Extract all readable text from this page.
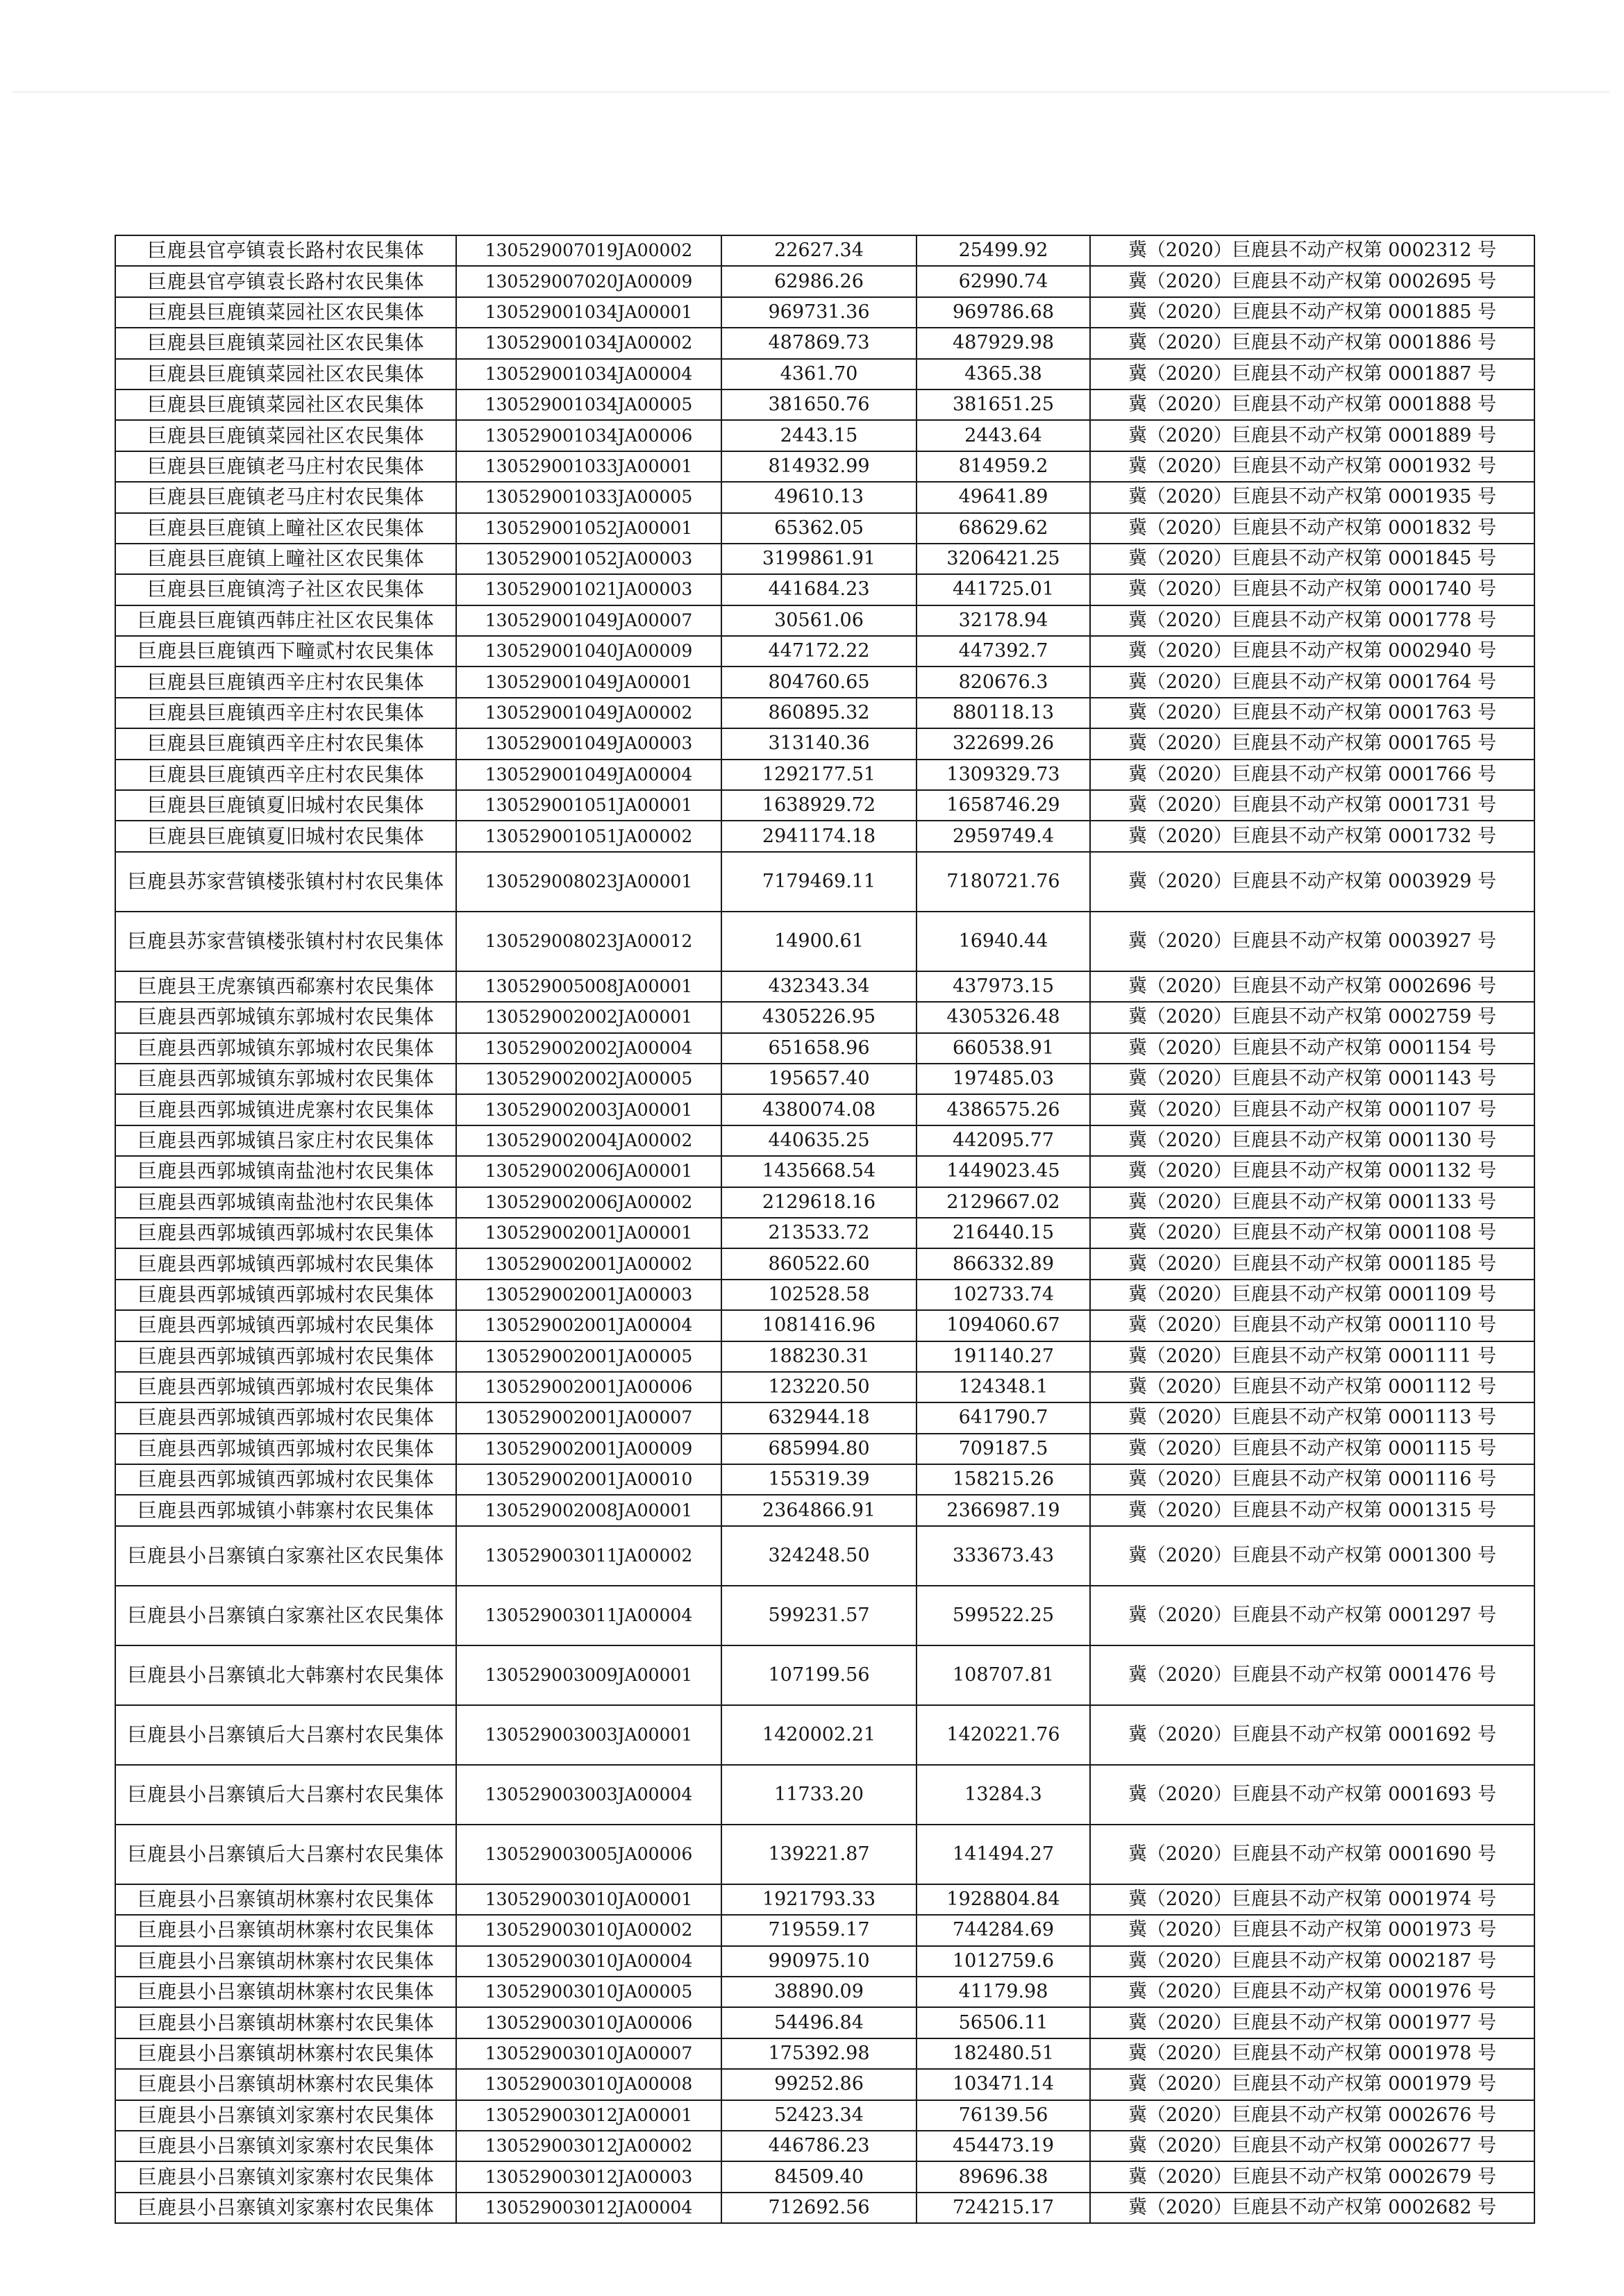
巨鹿县官亭镇袁长路村农民集体	130529007019JA00002	22627.34	25499.92	冀（2020）巨鹿县不动产权第 0002312 号
巨鹿县官亭镇袁长路村农民集体	130529007020JA00009	62986.26	62990.74	冀（2020）巨鹿县不动产权第 0002695 号
巨鹿县巨鹿镇菜园社区农民集体	130529001034JA00001	969731.36	969786.68	冀（2020）巨鹿县不动产权第 0001885 号
巨鹿县巨鹿镇菜园社区农民集体	130529001034JA00002	487869.73	487929.98	冀（2020）巨鹿县不动产权第 0001886 号
巨鹿县巨鹿镇菜园社区农民集体	130529001034JA00004	4361.70	4365.38	冀（2020）巨鹿县不动产权第 0001887 号
巨鹿县巨鹿镇菜园社区农民集体	130529001034JA00005	381650.76	381651.25	冀（2020）巨鹿县不动产权第 0001888 号
巨鹿县巨鹿镇菜园社区农民集体	130529001034JA00006	2443.15	2443.64	冀（2020）巨鹿县不动产权第 0001889 号
巨鹿县巨鹿镇老马庄村农民集体	130529001033JA00001	814932.99	814959.2	冀（2020）巨鹿县不动产权第 0001932 号
巨鹿县巨鹿镇老马庄村农民集体	130529001033JA00005	49610.13	49641.89	冀（2020）巨鹿县不动产权第 0001935 号
巨鹿县巨鹿镇上疃社区农民集体	130529001052JA00001	65362.05	68629.62	冀（2020）巨鹿县不动产权第 0001832 号
巨鹿县巨鹿镇上疃社区农民集体	130529001052JA00003	3199861.91	3206421.25	冀（2020）巨鹿县不动产权第 0001845 号
巨鹿县巨鹿镇湾子社区农民集体	130529001021JA00003	441684.23	441725.01	冀（2020）巨鹿县不动产权第 0001740 号
巨鹿县巨鹿镇西韩庄社区农民集体	130529001049JA00007	30561.06	32178.94	冀（2020）巨鹿县不动产权第 0001778 号
巨鹿县巨鹿镇西下疃贰村农民集体	130529001040JA00009	447172.22	447392.7	冀（2020）巨鹿县不动产权第 0002940 号
巨鹿县巨鹿镇西辛庄村农民集体	130529001049JA00001	804760.65	820676.3	冀（2020）巨鹿县不动产权第 0001764 号
巨鹿县巨鹿镇西辛庄村农民集体	130529001049JA00002	860895.32	880118.13	冀（2020）巨鹿县不动产权第 0001763 号
巨鹿县巨鹿镇西辛庄村农民集体	130529001049JA00003	313140.36	322699.26	冀（2020）巨鹿县不动产权第 0001765 号
巨鹿县巨鹿镇西辛庄村农民集体	130529001049JA00004	1292177.51	1309329.73	冀（2020）巨鹿县不动产权第 0001766 号
巨鹿县巨鹿镇夏旧城村农民集体	130529001051JA00001	1638929.72	1658746.29	冀（2020）巨鹿县不动产权第 0001731 号
巨鹿县巨鹿镇夏旧城村农民集体	130529001051JA00002	2941174.18	2959749.4	冀（2020）巨鹿县不动产权第 0001732 号
巨鹿县苏家营镇楼张镇村村农民集体	130529008023JA00001	7179469.11	7180721.76	冀（2020）巨鹿县不动产权第 0003929 号
巨鹿县苏家营镇楼张镇村村农民集体	130529008023JA00012	14900.61	16940.44	冀（2020）巨鹿县不动产权第 0003927 号
巨鹿县王虎寨镇西郗寨村农民集体	130529005008JA00001	432343.34	437973.15	冀（2020）巨鹿县不动产权第 0002696 号
巨鹿县西郭城镇东郭城村农民集体	130529002002JA00001	4305226.95	4305326.48	冀（2020）巨鹿县不动产权第 0002759 号
巨鹿县西郭城镇东郭城村农民集体	130529002002JA00004	651658.96	660538.91	冀（2020）巨鹿县不动产权第 0001154 号
巨鹿县西郭城镇东郭城村农民集体	130529002002JA00005	195657.40	197485.03	冀（2020）巨鹿县不动产权第 0001143 号
巨鹿县西郭城镇进虎寨村农民集体	130529002003JA00001	4380074.08	4386575.26	冀（2020）巨鹿县不动产权第 0001107 号
巨鹿县西郭城镇吕家庄村农民集体	130529002004JA00002	440635.25	442095.77	冀（2020）巨鹿县不动产权第 0001130 号
巨鹿县西郭城镇南盐池村农民集体	130529002006JA00001	1435668.54	1449023.45	冀（2020）巨鹿县不动产权第 0001132 号
巨鹿县西郭城镇南盐池村农民集体	130529002006JA00002	2129618.16	2129667.02	冀（2020）巨鹿县不动产权第 0001133 号
巨鹿县西郭城镇西郭城村农民集体	130529002001JA00001	213533.72	216440.15	冀（2020）巨鹿县不动产权第 0001108 号
巨鹿县西郭城镇西郭城村农民集体	130529002001JA00002	860522.60	866332.89	冀（2020）巨鹿县不动产权第 0001185 号
巨鹿县西郭城镇西郭城村农民集体	130529002001JA00003	102528.58	102733.74	冀（2020）巨鹿县不动产权第 0001109 号
巨鹿县西郭城镇西郭城村农民集体	130529002001JA00004	1081416.96	1094060.67	冀（2020）巨鹿县不动产权第 0001110 号
巨鹿县西郭城镇西郭城村农民集体	130529002001JA00005	188230.31	191140.27	冀（2020）巨鹿县不动产权第 0001111 号
巨鹿县西郭城镇西郭城村农民集体	130529002001JA00006	123220.50	124348.1	冀（2020）巨鹿县不动产权第 0001112 号
巨鹿县西郭城镇西郭城村农民集体	130529002001JA00007	632944.18	641790.7	冀（2020）巨鹿县不动产权第 0001113 号
巨鹿县西郭城镇西郭城村农民集体	130529002001JA00009	685994.80	709187.5	冀（2020）巨鹿县不动产权第 0001115 号
巨鹿县西郭城镇西郭城村农民集体	130529002001JA00010	155319.39	158215.26	冀（2020）巨鹿县不动产权第 0001116 号
巨鹿县西郭城镇小韩寨村农民集体	130529002008JA00001	2364866.91	2366987.19	冀（2020）巨鹿县不动产权第 0001315 号
巨鹿县小吕寨镇白家寨社区农民集体	130529003011JA00002	324248.50	333673.43	冀（2020）巨鹿县不动产权第 0001300 号
巨鹿县小吕寨镇白家寨社区农民集体	130529003011JA00004	599231.57	599522.25	冀（2020）巨鹿县不动产权第 0001297 号
巨鹿县小吕寨镇北大韩寨村农民集体	130529003009JA00001	107199.56	108707.81	冀（2020）巨鹿县不动产权第 0001476 号
巨鹿县小吕寨镇后大吕寨村农民集体	130529003003JA00001	1420002.21	1420221.76	冀（2020）巨鹿县不动产权第 0001692 号
巨鹿县小吕寨镇后大吕寨村农民集体	130529003003JA00004	11733.20	13284.3	冀（2020）巨鹿县不动产权第 0001693 号
巨鹿县小吕寨镇后大吕寨村农民集体	130529003005JA00006	139221.87	141494.27	冀（2020）巨鹿县不动产权第 0001690 号
巨鹿县小吕寨镇胡林寨村农民集体	130529003010JA00001	1921793.33	1928804.84	冀（2020）巨鹿县不动产权第 0001974 号
巨鹿县小吕寨镇胡林寨村农民集体	130529003010JA00002	719559.17	744284.69	冀（2020）巨鹿县不动产权第 0001973 号
巨鹿县小吕寨镇胡林寨村农民集体	130529003010JA00004	990975.10	1012759.6	冀（2020）巨鹿县不动产权第 0002187 号
巨鹿县小吕寨镇胡林寨村农民集体	130529003010JA00005	38890.09	41179.98	冀（2020）巨鹿县不动产权第 0001976 号
巨鹿县小吕寨镇胡林寨村农民集体	130529003010JA00006	54496.84	56506.11	冀（2020）巨鹿县不动产权第 0001977 号
巨鹿县小吕寨镇胡林寨村农民集体	130529003010JA00007	175392.98	182480.51	冀（2020）巨鹿县不动产权第 0001978 号
巨鹿县小吕寨镇胡林寨村农民集体	130529003010JA00008	99252.86	103471.14	冀（2020）巨鹿县不动产权第 0001979 号
巨鹿县小吕寨镇刘家寨村农民集体	130529003012JA00001	52423.34	76139.56	冀（2020）巨鹿县不动产权第 0002676 号
巨鹿县小吕寨镇刘家寨村农民集体	130529003012JA00002	446786.23	454473.19	冀（2020）巨鹿县不动产权第 0002677 号
巨鹿县小吕寨镇刘家寨村农民集体	130529003012JA00003	84509.40	89696.38	冀（2020）巨鹿县不动产权第 0002679 号
巨鹿县小吕寨镇刘家寨村农民集体	130529003012JA00004	712692.56	724215.17	冀（2020）巨鹿县不动产权第 0002682 号
